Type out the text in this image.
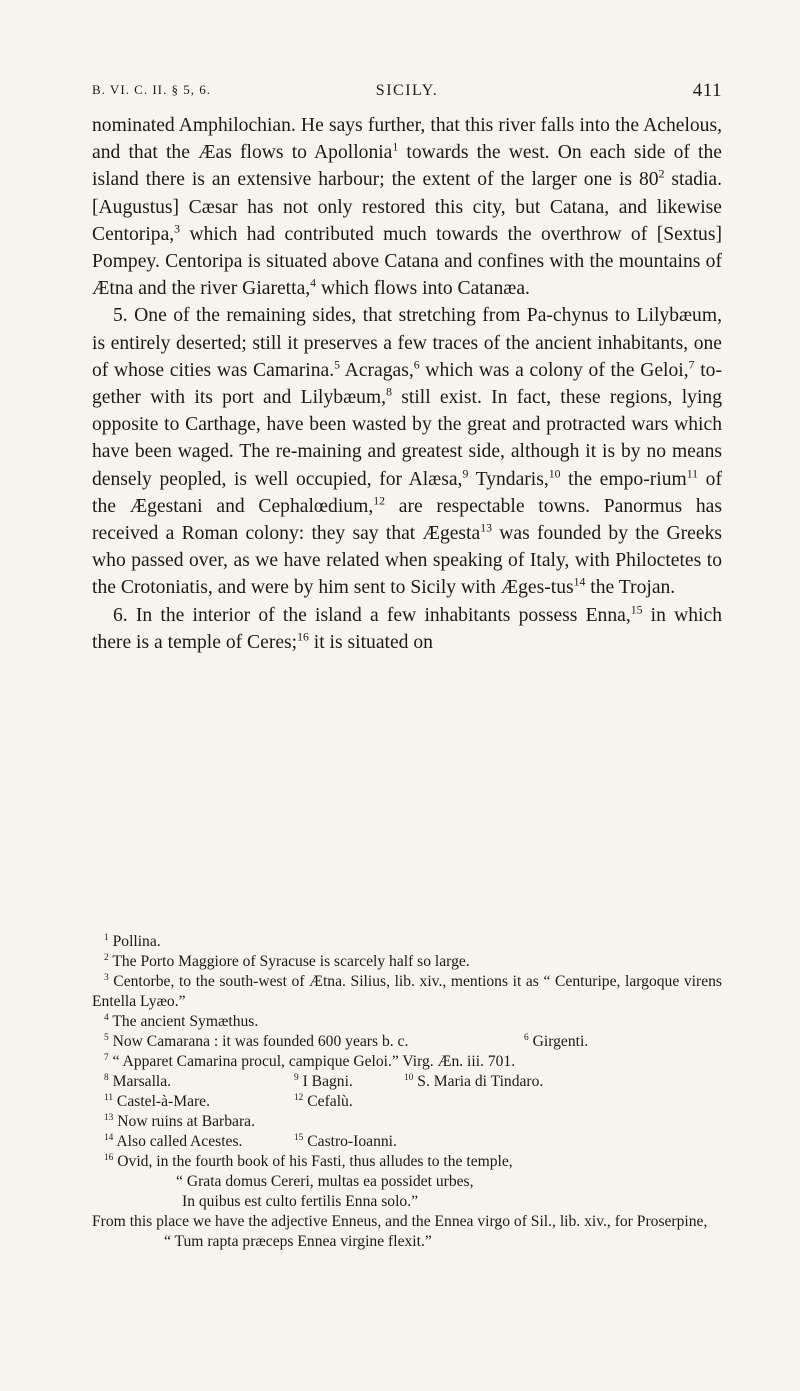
B. VI. C. II. § 5, 6.	SICILY.	411

nominated Amphilochian. He says further, that this river falls into the Achelous, and that the Æas flows to Apollonia$^1$ towards the west. On each side of the island there is an extensive harbour; the extent of the larger one is $80^2$ stadia. [Augustus] Cæsar has not only restored this city, but Catana, and likewise Centoripa,$^3$ which had contributed much towards the overthrow of [Sextus] Pompey. Centoripa is situated above Catana and confines with the mountains of Ætna and the river Giaretta,$^4$ which flows into Catanæa.

5. One of the remaining sides, that stretching from Pa-chynus to Lilybæum, is entirely deserted; still it preserves a few traces of the ancient inhabitants, one of whose cities was Camarina.$^5$ Acragas,$^6$ which was a colony of the Geloi,$^7$ to-gether with its port and Lilybæum,$^8$ still exist. In fact, these regions, lying opposite to Carthage, have been wasted by the great and protracted wars which have been waged. The re-maining and greatest side, although it is by no means densely peopled, is well occupied, for Alæsa,$^9$ Tyndaris,$^{10}$ the empo-rium$^{11}$ of the Ægestani and Cephalœdium,$^{12}$ are respectable towns. Panormus has received a Roman colony: they say that Ægesta$^{13}$ was founded by the Greeks who passed over, as we have related when speaking of Italy, with Philoctetes to the Crotoniatis, and were by him sent to Sicily with Æges-tus$^{14}$ the Trojan.

6. In the interior of the island a few inhabitants possess Enna,$^{15}$ in which there is a temple of Ceres;$^{16}$ it is situated on

$^1$ Pollina.

$^2$ The Porto Maggiore of Syracuse is scarcely half so large.

$^3$ Centorbe, to the south-west of Ætna. Silius, lib. xiv., mentions it as “ Centuripe, largoque virens Entella Lyæo.”

$^4$ The ancient Symæthus.

$^5$ Now Camarana : it was founded 600 years b. c.	$^6$ Girgenti.

$^7$ “ Apparet Camarina procul, campique Geloi.” Virg. Æn. iii. 701.

$^8$ Marsalla.	$^9$ I Bagni.	$^{10}$ S. Maria di Tindaro.
$^{11}$ Castel-à-Mare.	$^{12}$ Cefalù.

$^{13}$ Now ruins at Barbara.

$^{14}$ Also called Acestes.	$^{15}$ Castro-Ioanni.

$^{16}$ Ovid, in the fourth book of his Fasti, thus alludes to the temple,

“ Grata domus Cereri, multas ea possidet urbes,

In quibus est culto fertilis Enna solo.”

From this place we have the adjective Enneus, and the Ennea virgo of Sil., lib. xiv., for Proserpine,

“ Tum rapta præceps Ennea virgine flexit.”
